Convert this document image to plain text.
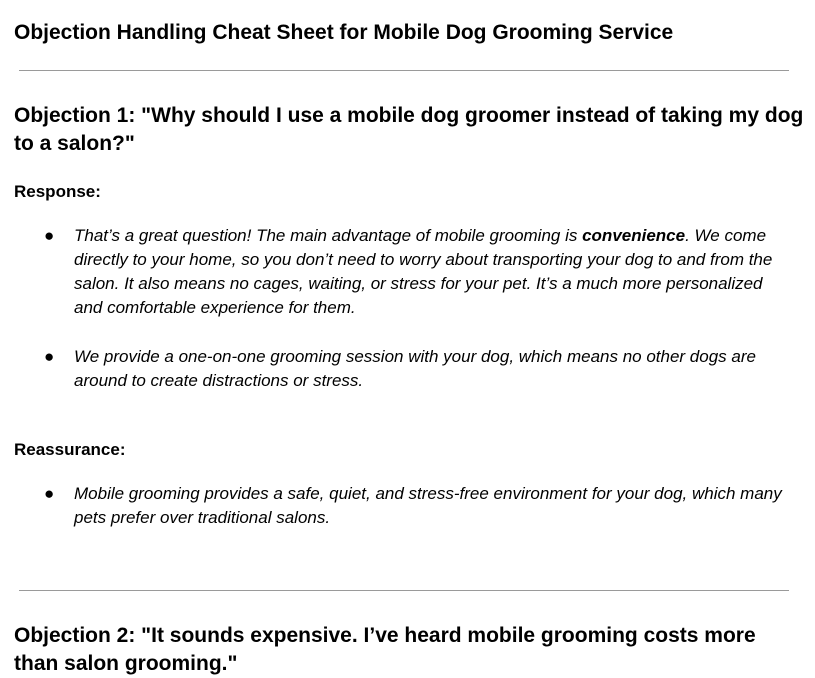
Objection Handling Cheat Sheet for Mobile Dog Grooming Service
Objection 1: "Why should I use a mobile dog groomer instead of taking my dog to a salon?"
Response:
● That’s a great question! The main advantage of mobile grooming is convenience. We come directly to your home, so you don’t need to worry about transporting your dog to and from the salon. It also means no cages, waiting, or stress for your pet. It’s a much more personalized and comfortable experience for them.

● We provide a one-on-one grooming session with your dog, which means no other dogs are around to create distractions or stress.

Reassurance:
● Mobile grooming provides a safe, quiet, and stress-free environment for your dog, which many pets prefer over traditional salons.

Objection 2: "It sounds expensive. I’ve heard mobile grooming costs more than salon grooming."
